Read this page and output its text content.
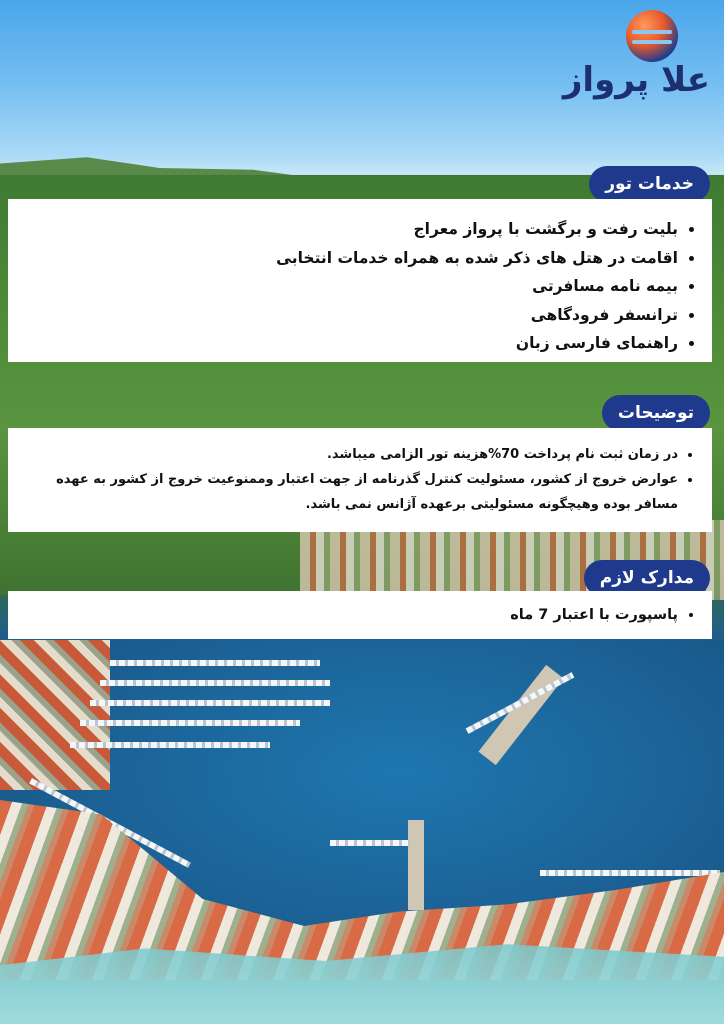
علا پرواز
خدمات تور
• بلیت رفت و برگشت با پرواز معراج
• اقامت در هتل های ذکر شده به همراه خدمات انتخابی
• بیمه نامه مسافرتی
• ترانسفر فرودگاهی
• راهنمای فارسی زبان
توضیحات
• در زمان ثبت نام پرداخت 70%هزینه تور الزامی میباشد.
• عوارض خروج از کشور، مسئولیت کنترل گذرنامه از جهت اعتبار وممنوعیت خروج از کشور به عهده مسافر بوده وهیچگونه مسئولیتی برعهده آژانس نمی باشد.
مدارک لازم
• پاسپورت با اعتبار 7 ماه
